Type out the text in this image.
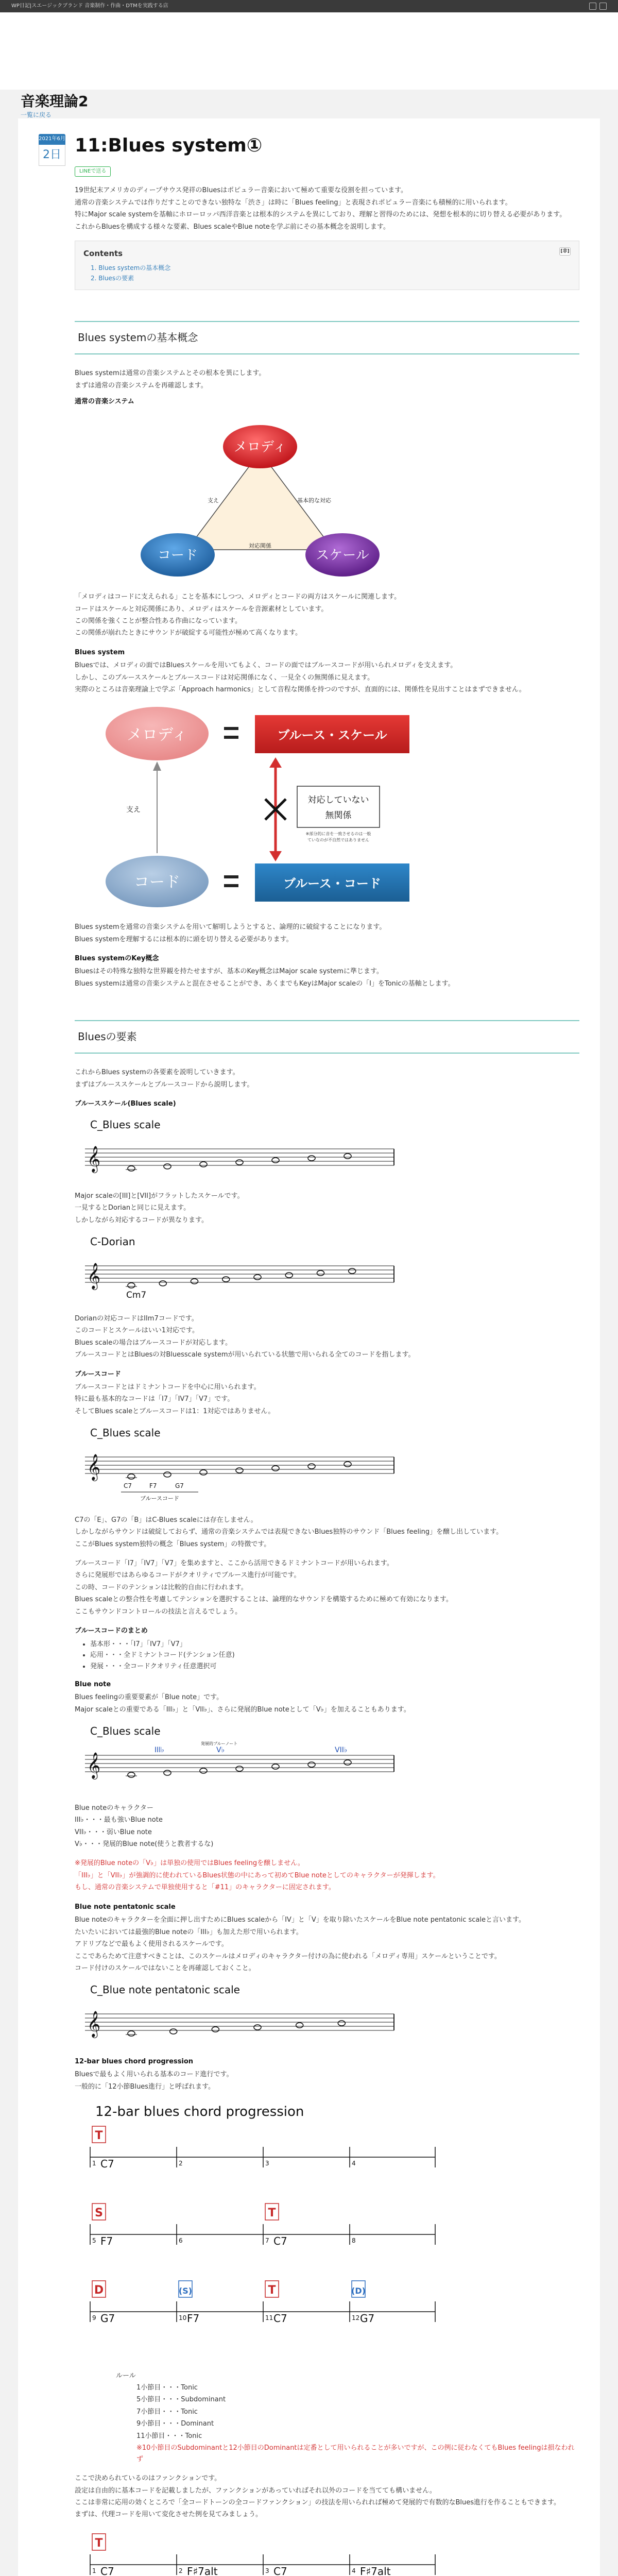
WP日記|スエージックブランド 音楽制作・作曲・DTMを実践する店
音楽理論2
一覧に戻る
2021年6月
2日 11:Blues system①
LINEで送る

19世紀末アメリカのディープサウス発祥のBluesはポピュラー音楽において極めて重要な役割を担っています。

通常の音楽システムでは作りだすことのできない独特な「渋さ」は時に「Blues feeling」と表現されポピュラー音楽にも積極的に用いられます。

特にMajor scale systemを基軸にホローロッパ西洋音楽とは根本的システムを異にしており、理解と習得のためには、発想を根本的に切り替える必要があります。

これからBluesを構成する様々な要素、Blues scaleやBlue noteを学ぶ前にその基本概念を説明します。

Contents	[非]
1. Blues systemの基本概念
2. Bluesの要素
Blues systemの基本概念

Blues systemは通常の音楽システムとその根本を異にします。

まずは通常の音楽システムを再確認します。

通常の音楽システム
メロディ
コード	スケール
支え	基本的な対応
対応関係

「メロディはコードに支えられる」ことを基本にしつつ、メロディとコードの両方はスケールに関連します。

コードはスケールと対応関係にあり、メロディはスケールを音源素材としています。

この関係を強くことが整合性ある作曲になっています。

この関係が崩れたときにサウンドが破綻する可能性が極めて高くなります。

Blues system

Bluesでは、メロディの面ではBluesスケールを用いてもよく、コードの面ではブルースコードが用いられメロディを支えます。

しかし、このブルーススケールとブルースコードは対応関係になく、一見全くの無関係に見えます。

実際のところは音楽理論上で学ぶ「Approach harmonics」として音程な関係を持つのですが、直面的には、関係性を見出すことはまずできません。

メロディ	ブルース・スケール
支え
対応していない
無関係
※部分的に音を一致させるのは一般
ていなのが不自然ではありません
コード	ブルース・コード

Blues systemを通常の音楽システムを用いて解明しようとすると、論理的に破綻することになります。

Blues systemを理解するには根本的に頭を切り替える必要があります。

Blues systemのKey概念

Bluesはその特殊な独特な世界観を持たせますが、基本のKey概念はMajor scale systemに準じます。

Blues systemは通常の音楽システムと混在させることができ、あくまでもKeyはMajor scaleの「I」をTonicの基軸とします。

Bluesの要素

これからBlues systemの各要素を説明していきます。

まずはブルーススケールとブルースコードから説明します。

ブルーススケール(Blues scale)
C_Blues scale
𝄞

Major scaleの[III]と[VII]がフラットしたスケールです。

一見するとDorianと同じに見えます。

しかしながら対応するコードが異なります。

C-Dorian
Cm7
𝄞

Dorianの対応コードはIIm7コードです。

このコードとスケールはいい1対応です。

Blues scaleの場合はブルースコードが対応します。

ブルースコードとはBluesの対Bluesscale systemが用いられている状態で用いられる全てのコードを指します。

ブルースコード

ブルースコードとはドミナントコードを中心に用いられます。

特に最も基本的なコードは「I7」「IV7」「V7」です。

そしてBlues scaleとブルースコードは1：1対応ではありません。

C_Blues scale
C7	F7	G7
ブルースコード
𝄞

C7の「E」、G7の「B」はC-Blues scaleには存在しません。

しかしながらサウンドは破綻しておらず、通常の音楽システムでは表現できないBlues独特のサウンド「Blues feeling」を醸し出しています。

ここがBlues system独特の概念「Blues system」の特徴です。

ブルースコード「I7」「IV7」「V7」を集めますと、ここから活用できるドミナントコードが用いられます。

さらに発展形ではあらゆるコードがクオリティでブルース進行が可能です。

この時、コードのテンションは比較的自由に行われます。

Blues scaleとの整合性を考慮してテンションを選択することは、論理的なサウンドを構築するために極めて有効になります。

ここもサウンドコントロールの技法と言えるでしょう。

ブルースコードのまとめ
• 基本形・・・「I7」「IV7」「V7」
• 応用・・・全ドミナントコード(テンション任意)
• 発展・・・全コードクオリティ任意選択可
Blue note

Blues feelingの重要要素が「Blue note」です。

Major scaleとの重要である「III♭」と「VII♭」、さらに発展的Blue noteとして「V♭」を加えることもあります。

C_Blues scale
発展的ブルーノート
III♭	V♭	VII♭
𝄞

Blue noteのキャラクター

III♭・・・最も強いBlue note

VII♭・・・弱いBlue note

V♭・・・発展的Blue note(使うと教者するな)

※発展的Blue noteの「V♭」は単独の使用ではBlues feelingを醸しません。

「III♭」と「VII♭」が強調的に使われているBlues状態の中にあって初めてBlue noteとしてのキャラクターが発揮します。

もし、通常の音楽システムで単独使用すると「#11」のキャラクターに固定されます。

Blue note pentatonic scale

Blue noteのキャラクターを全面に押し出すためにBlues scaleから「IV」と「V」を取り除いたスケールをBlue note pentatonic scaleと言います。

たいたいにおいては最強的Blue noteの「III♭」も加えた形で用いられます。

アドリブなどで最もよく使用されるスケールです。

ここであらためて注意すべきことは、このスケールはメロディのキャラクター付けの為に使われる「メロディ専用」スケールということです。

コード付けのスケールではないことを再確認しておくこと。

C_Blue note pentatonic scale
𝄞
12-bar blues chord progression

Bluesで最もよく用いられる基本のコード進行です。

一般的に「12小節Blues進行」と呼ばれます。

12-bar blues chord progression
1 C7
T
2	3	4
5 F7
S
6	7 C7
T
8
9 G7
D
10 F7
(S)
11 C7
T
12 G7
(D)

ルール

1小節目・・・Tonic

5小節目・・・Subdominant

7小節目・・・Tonic

9小節目・・・Dominant

11小節目・・・Tonic

※10小節目のSubdominantと12小節目のDominantは定番として用いられることが多いですが、この例に従わなくてもBlues feelingは損なわれず

ここで決められているのはファンクションです。

設定は自由的に基本コードを記載しましたが、ファンクションがあっていればそれ以外のコードを当てても構いません。

ここは非常に応用の効くところで「全コードトーンの全コードファンクション」の技法を用いられれば極めて発展的で有数的なBlues進行を作ることもできます。

まずは、代理コードを用いて変化させた例を見てみましょう。

1 C7
T
2 F♯7alt	3 C7	4 F♯7alt
